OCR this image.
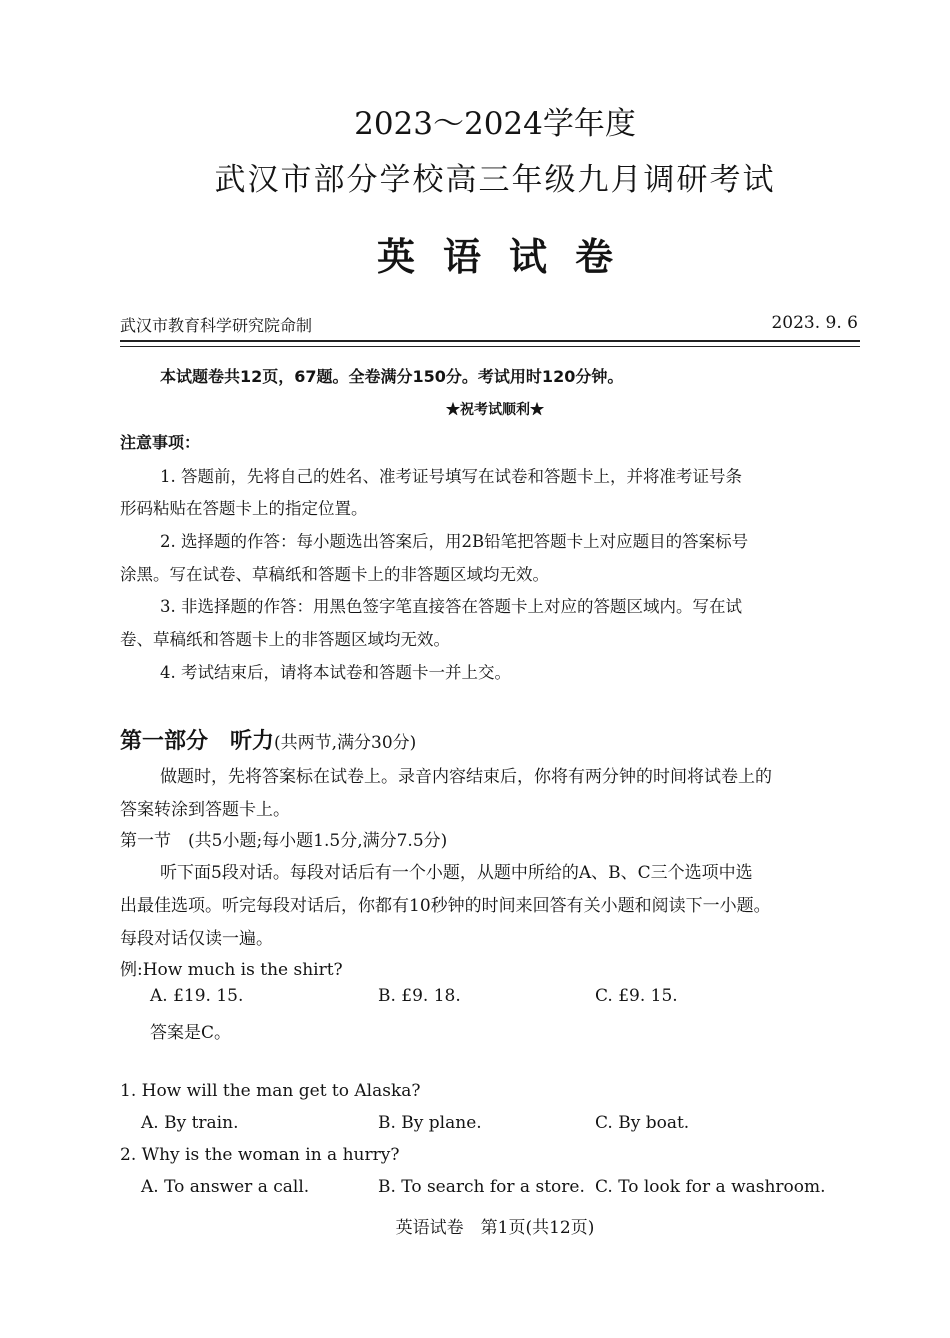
2023～2024学年度
武汉市部分学校高三年级九月调研考试
英语试卷
武汉市教育科学研究院命制	2023. 9. 6
本试题卷共12页，67题。全卷满分150分。考试用时120分钟。
★祝考试顺利★
注意事项：
1. 答题前，先将自己的姓名、准考证号填写在试卷和答题卡上，并将准考证号条
形码粘贴在答题卡上的指定位置。
2. 选择题的作答：每小题选出答案后，用2B铅笔把答题卡上对应题目的答案标号
涂黑。写在试卷、草稿纸和答题卡上的非答题区域均无效。
3. 非选择题的作答：用黑色签字笔直接答在答题卡上对应的答题区域内。写在试
卷、草稿纸和答题卡上的非答题区域均无效。
4. 考试结束后，请将本试卷和答题卡一并上交。
第一部分　听力(共两节,满分30分)
做题时，先将答案标在试卷上。录音内容结束后，你将有两分钟的时间将试卷上的
答案转涂到答题卡上。
第一节　(共5小题;每小题1.5分,满分7.5分)
听下面5段对话。每段对话后有一个小题，从题中所给的A、B、C三个选项中选
出最佳选项。听完每段对话后，你都有10秒钟的时间来回答有关小题和阅读下一小题。
每段对话仅读一遍。
例:How much is the shirt?
A. £19. 15.	B. £9. 18.	C. £9. 15.
答案是C。
1. How will the man get to Alaska?
A. By train.	B. By plane.	C. By boat.
2. Why is the woman in a hurry?
A. To answer a call.	B. To search for a store. C. To look for a washroom.
英语试卷　第1页(共12页)
